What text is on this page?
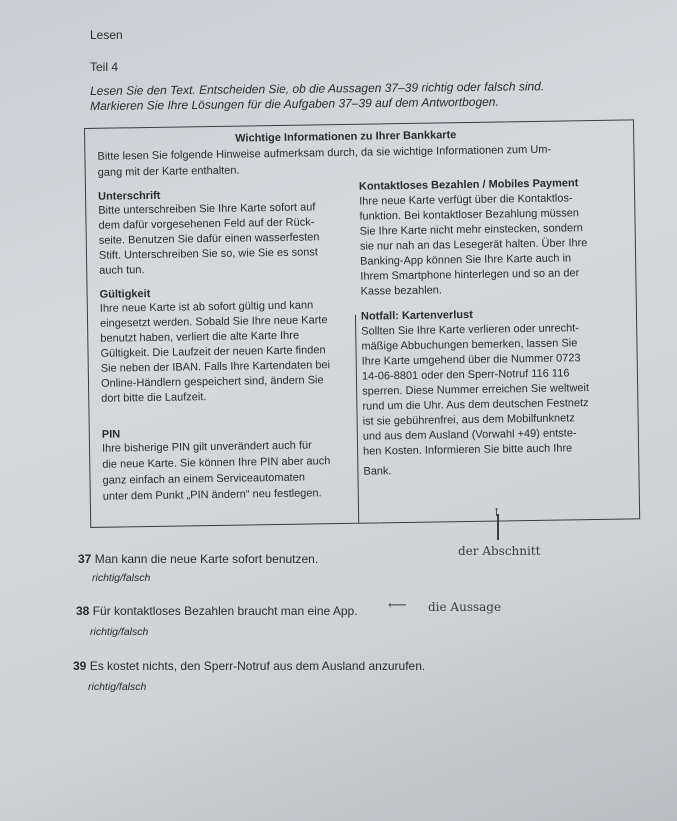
Lesen
Teil 4
Lesen Sie den Text. Entscheiden Sie, ob die Aussagen 37–39 richtig oder falsch sind.
Markieren Sie Ihre Lösungen für die Aufgaben 37–39 auf dem Antwortbogen.
Wichtige Informationen zu Ihrer Bankkarte
Bitte lesen Sie folgende Hinweise aufmerksam durch, da sie wichtige Informationen zum Um-
gang mit der Karte enthalten.
Unterschrift
Bitte unterschreiben Sie Ihre Karte sofort auf
dem dafür vorgesehenen Feld auf der Rück-
seite. Benutzen Sie dafür einen wasserfesten
Stift. Unterschreiben Sie so, wie Sie es sonst
auch tun.
Gültigkeit
Ihre neue Karte ist ab sofort gültig und kann
eingesetzt werden. Sobald Sie Ihre neue Karte
benutzt haben, verliert die alte Karte Ihre
Gültigkeit. Die Laufzeit der neuen Karte finden
Sie neben der IBAN. Falls Ihre Kartendaten bei
Online-Händlern gespeichert sind, ändern Sie
dort bitte die Laufzeit.
PIN
Ihre bisherige PIN gilt unverändert auch für
die neue Karte. Sie können Ihre PIN aber auch
ganz einfach an einem Serviceautomaten
unter dem Punkt „PIN ändern“ neu festlegen.
Kontaktloses Bezahlen / Mobiles Payment
Ihre neue Karte verfügt über die Kontaktlos-
funktion. Bei kontaktloser Bezahlung müssen
Sie Ihre Karte nicht mehr einstecken, sondern
sie nur nah an das Lesegerät halten. Über Ihre
Banking-App können Sie Ihre Karte auch in
Ihrem Smartphone hinterlegen und so an der
Kasse bezahlen.
Notfall: Kartenverlust
Sollten Sie Ihre Karte verlieren oder unrecht-
mäßige Abbuchungen bemerken, lassen Sie
Ihre Karte umgehend über die Nummer 0723
14-06-8801 oder den Sperr-Notruf 116 116
sperren. Diese Nummer erreichen Sie weltweit
rund um die Uhr. Aus dem deutschen Festnetz
ist sie gebührenfrei, aus dem Mobilfunknetz
und aus dem Ausland (Vorwahl +49) entste-
hen Kosten. Informieren Sie bitte auch Ihre
Bank.
↑
der Abschnitt
37 Man kann die neue Karte sofort benutzen.
richtig/falsch
38 Für kontaktloses Bezahlen braucht man eine App. ⟵ die Aussage
richtig/falsch
39 Es kostet nichts, den Sperr-Notruf aus dem Ausland anzurufen.
richtig/falsch
